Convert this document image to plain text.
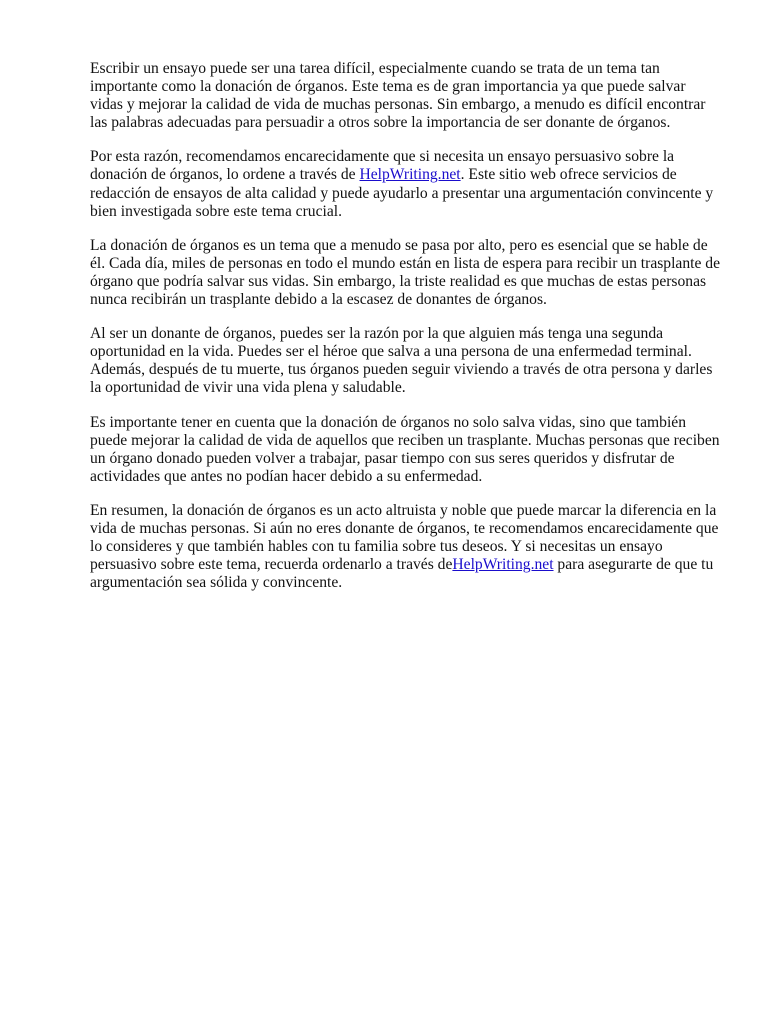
Escribir un ensayo puede ser una tarea difícil, especialmente cuando se trata de un tema tan importante como la donación de órganos. Este tema es de gran importancia ya que puede salvar vidas y mejorar la calidad de vida de muchas personas. Sin embargo, a menudo es difícil encontrar las palabras adecuadas para persuadir a otros sobre la importancia de ser donante de órganos.

Por esta razón, recomendamos encarecidamente que si necesita un ensayo persuasivo sobre la donación de órganos, lo ordene a través de HelpWriting.net. Este sitio web ofrece servicios de redacción de ensayos de alta calidad y puede ayudarlo a presentar una argumentación convincente y bien investigada sobre este tema crucial.

La donación de órganos es un tema que a menudo se pasa por alto, pero es esencial que se hable de él. Cada día, miles de personas en todo el mundo están en lista de espera para recibir un trasplante de órgano que podría salvar sus vidas. Sin embargo, la triste realidad es que muchas de estas personas nunca recibirán un trasplante debido a la escasez de donantes de órganos.

Al ser un donante de órganos, puedes ser la razón por la que alguien más tenga una segunda oportunidad en la vida. Puedes ser el héroe que salva a una persona de una enfermedad terminal. Además, después de tu muerte, tus órganos pueden seguir viviendo a través de otra persona y darles la oportunidad de vivir una vida plena y saludable.

Es importante tener en cuenta que la donación de órganos no solo salva vidas, sino que también puede mejorar la calidad de vida de aquellos que reciben un trasplante. Muchas personas que reciben un órgano donado pueden volver a trabajar, pasar tiempo con sus seres queridos y disfrutar de actividades que antes no podían hacer debido a su enfermedad.

En resumen, la donación de órganos es un acto altruista y noble que puede marcar la diferencia en la vida de muchas personas. Si aún no eres donante de órganos, te recomendamos encarecidamente que lo consideres y que también hables con tu familia sobre tus deseos. Y si necesitas un ensayo persuasivo sobre este tema, recuerda ordenarlo a través deHelpWriting.net para asegurarte de que tu argumentación sea sólida y convincente.
